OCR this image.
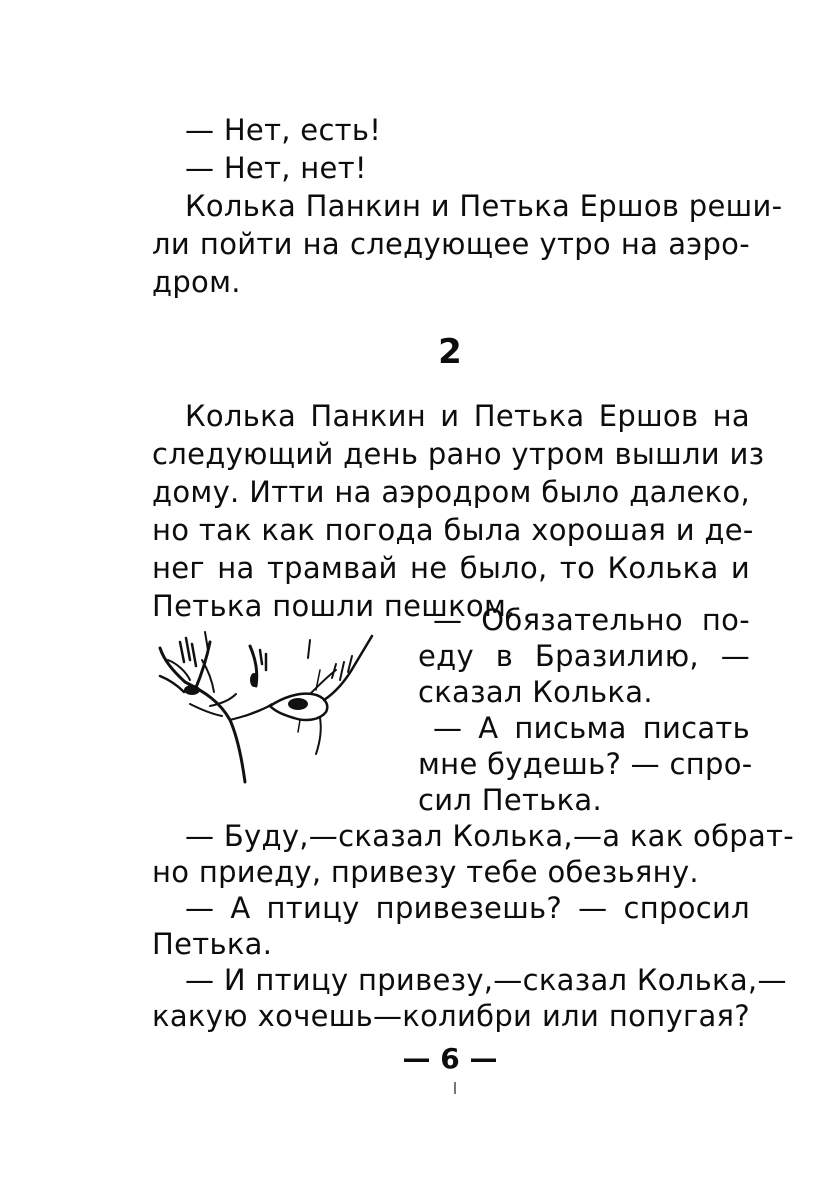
— Нет, есть!
— Нет, нет!
Колька Панкин и Петька Ершов реши-
ли пойти на следующее утро на аэро-
дром.
2
Колька Панкин и Петька Ершов на
следующий день рано утром вышли из
дому. Итти на аэродром было далеко,
но так как погода была хорошая и де-
нег на трамвай не было, то Колька и
Петька пошли пешком.
— Обязательно по-
еду в Бразилию, —
сказал Колька.
— А письма писать
мне будешь? — спро-
сил Петька.
— Буду,—сказал Колька,—а как обрат-
но приеду, привезу тебе обезьяну.
— А птицу привезешь? — спросил
Петька.
— И птицу привезу,—сказал Колька,—
какую хочешь—колибри или попугая?
— 6 —
